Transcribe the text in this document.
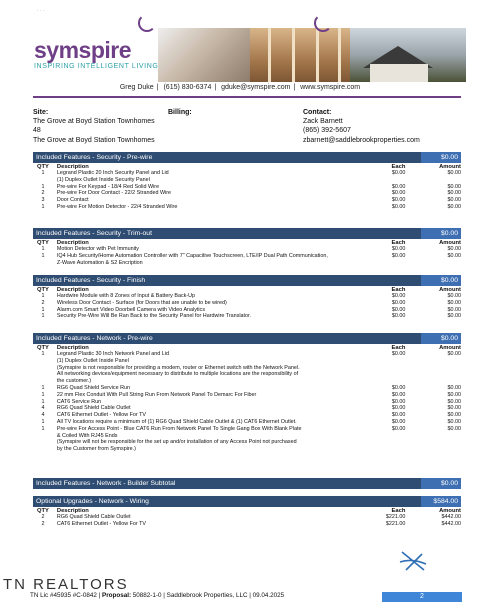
· · ·
symspire
INSPIRING INTELLIGENT LIVING
Greg Duke | (615) 830-6374 | gduke@symspire.com | www.symspire.com
Site:
The Grove at Boyd Station Townhomes
48
The Grove at Boyd Station Townhomes
Billing:	Contact:
Zack Barnett
(865) 392-5607
zbarnett@saddlebrookproperties.com
Included Features - Security - Pre-wire	$0.00
QTY	Description	Each	Amount
1	Legrand Plastic 20 Inch Security Panel and Lid	$0.00	$0.00
	(1) Duplex Outlet Inside Security Panel		
1	Pre-wire For Keypad - 18/4 Red Solid Wire	$0.00	$0.00
2	Pre-wire For Door Contact - 22/2 Stranded Wire	$0.00	$0.00
3	Door Contact	$0.00	$0.00
1	Pre-wire For Motion Detector - 22/4 Stranded Wire	$0.00	$0.00
Included Features - Security - Trim-out	$0.00
QTY	Description	Each	Amount
1	Motion Detector with Pet Immunity	$0.00	$0.00
1	IQ4 Hub Security/Home Automation Controller with 7" Capacitive Touchscreen, LTE/IP Dual Path Communication,	$0.00	$0.00
	Z-Wave Automation & S2 Encription		
Included Features - Security - Finish	$0.00
QTY	Description	Each	Amount
1	Hardwire Module with 8 Zones of Input & Battery Back-Up	$0.00	$0.00
2	Wireless Door Contact - Surface (for Doors that are unable to be wired)	$0.00	$0.00
1	Alarm.com Smart Video Doorbell Camera with Video Analytics	$0.00	$0.00
1	Security Pre-Wire Will Be Ran Back to the Security Panel for Hardwire Translator.	$0.00	$0.00
Included Features - Network - Pre-wire	$0.00
QTY	Description	Each	Amount
1	Legrand Plastic 30 Inch Network Panel and Lid	$0.00	$0.00
	(1) Duplex Outlet Inside Panel		
	(Symspire is not responsible for providing a modem, router or Ethernet switch with the Network Panel.		
	All networking devices/equipment necessary to distribute to multiple locations are the responsibility of		
	the customer.)		
1	RG6 Quad Shield Service Run	$0.00	$0.00
1	22 mm Flex Conduit With Pull String Run From Network Panel To Demarc For Fiber	$0.00	$0.00
1	CAT6 Service Run	$0.00	$0.00
4	RG6 Quad Shield Cable Outlet	$0.00	$0.00
4	CAT6 Ethernet Outlet - Yellow For TV	$0.00	$0.00
1	All TV locations require a minimum of (1) RG6 Quad Shield Cable Outlet & (1) CAT6 Ethernet Outlet.	$0.00	$0.00
1	Pre-wire For Access Point - Blue CAT6 Run From Network Panel To Single Gang Box With Blank Plate	$0.00	$0.00
	& Coiled With RJ45 Ends		
	(Symspire will not be responsible for the set up and/or installation of any Access Point not purchased		
	by the Customer from Symspire.)		
Included Features - Network - Builder Subtotal	$0.00
Optional Upgrades - Network - Wiring	$584.00
QTY	Description	Each	Amount
2	RG6 Quad Shield Cable Outlet	$221.00	$442.00
2	CAT6 Ethernet Outlet - Yellow For TV	$221.00	$442.00
TN REALTORS
TN Lic #45935 #C-0842 | Proposal: 50882-1-0 | Saddlebrook Properties, LLC | 09.04.2025	2
